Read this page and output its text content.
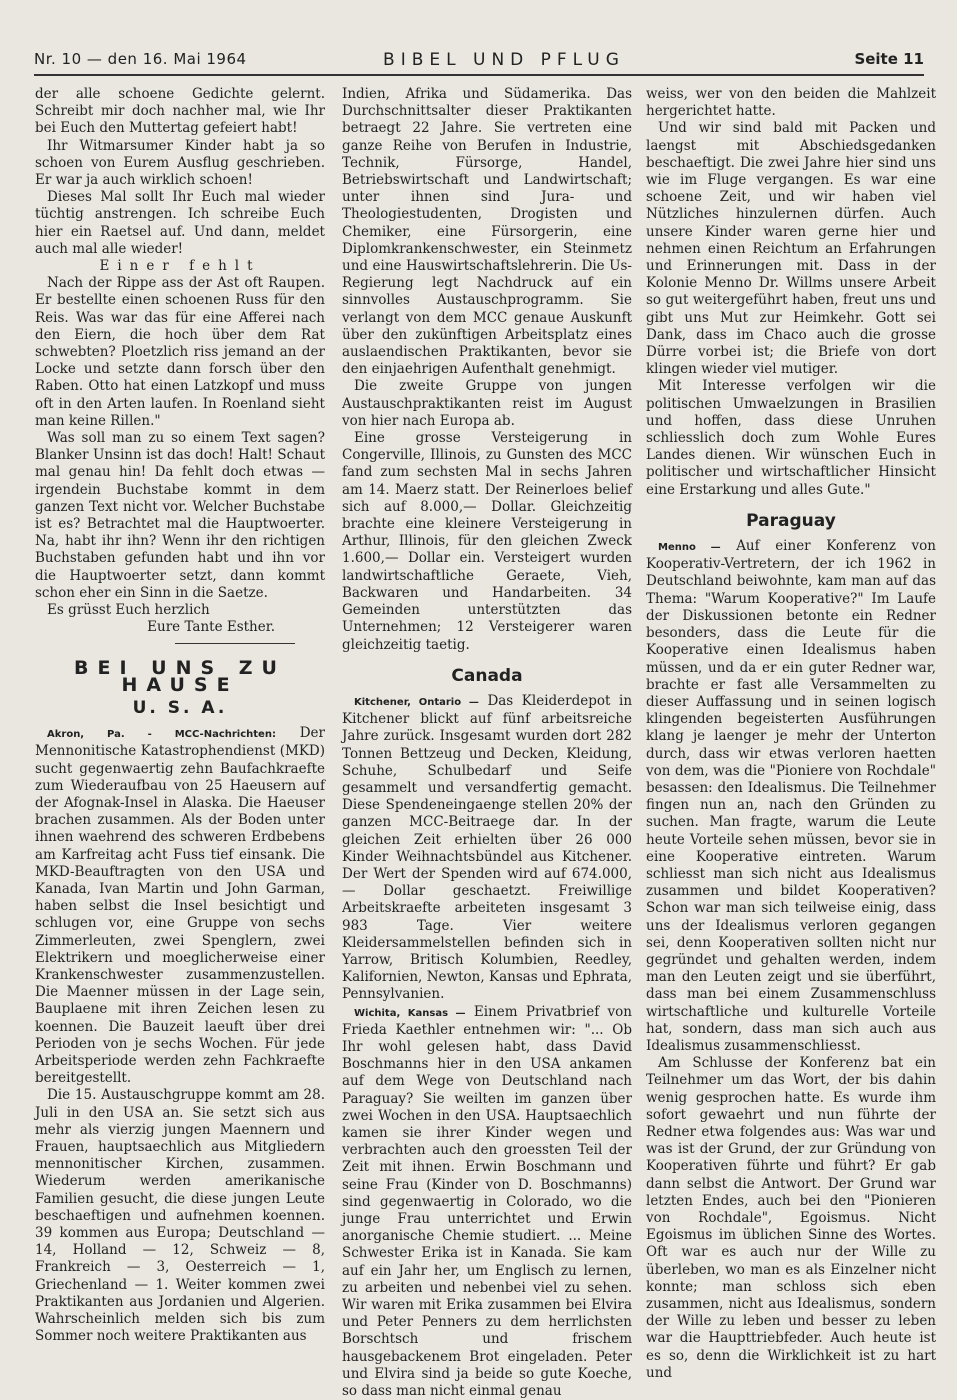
Nr. 10 — den 16. Mai 1964	BIBEL UND PFLUG	Seite 11

der alle schoene Gedichte gelernt. Schreibt mir doch nachher mal, wie Ihr bei Euch den Muttertag gefeiert habt!

Ihr Witmarsumer Kinder habt ja so schoen von Eurem Ausflug geschrieben. Er war ja auch wirklich schoen!

Dieses Mal sollt Ihr Euch mal wieder tüchtig anstrengen. Ich schreibe Euch hier ein Raetsel auf. Und dann, meldet auch mal alle wieder!

Einer fehlt

Nach der Rippe ass der Ast oft Raupen. Er bestellte einen schoenen Russ für den Reis. Was war das für eine Afferei nach den Eiern, die hoch über dem Rat schwebten? Ploetzlich riss jemand an der Locke und setzte dann forsch über den Raben. Otto hat einen Latzkopf und muss oft in den Arten laufen. In Roenland sieht man keine Rillen."

Was soll man zu so einem Text sagen? Blanker Unsinn ist das doch! Halt! Schaut mal genau hin! Da fehlt doch etwas — irgendein Buchstabe kommt in dem ganzen Text nicht vor. Welcher Buchstabe ist es? Betrachtet mal die Hauptwoerter. Na, habt ihr ihn? Wenn ihr den richtigen Buchstaben gefunden habt und ihn vor die Hauptwoerter setzt, dann kommt schon eher ein Sinn in die Saetze.

Es grüsst Euch herzlich

Eure Tante Esther.

BEI UNS ZU HAUSE
U. S. A.

Akron, Pa. - MCC-Nachrichten: Der Mennonitische Katastrophendienst (MKD) sucht gegenwaertig zehn Baufachkraefte zum Wiederaufbau von 25 Haeusern auf der Afognak-Insel in Alaska. Die Haeuser brachen zusammen. Als der Boden unter ihnen waehrend des schweren Erdbebens am Karfreitag acht Fuss tief einsank. Die MKD-Beauftragten von den USA und Kanada, Ivan Martin und John Garman, haben selbst die Insel besichtigt und schlugen vor, eine Gruppe von sechs Zimmerleuten, zwei Spenglern, zwei Elektrikern und moeglicherweise einer Krankenschwester zusammenzustellen. Die Maenner müssen in der Lage sein, Bauplaene mit ihren Zeichen lesen zu koennen. Die Bauzeit laeuft über drei Perioden von je sechs Wochen. Für jede Arbeitsperiode werden zehn Fachkraefte bereitgestellt.

Die 15. Austauschgruppe kommt am 28. Juli in den USA an. Sie setzt sich aus mehr als vierzig jungen Maennern und Frauen, hauptsaechlich aus Mitgliedern mennonitischer Kirchen, zusammen. Wiederum werden amerikanische Familien gesucht, die diese jungen Leute beschaeftigen und aufnehmen koennen. 39 kommen aus Europa; Deutschland — 14, Holland — 12, Schweiz — 8, Frankreich — 3, Oesterreich — 1, Griechenland — 1. Weiter kommen zwei Praktikanten aus Jordanien und Algerien. Wahrscheinlich melden sich bis zum Sommer noch weitere Praktikanten aus

Indien, Afrika und Südamerika. Das Durchschnittsalter dieser Praktikanten betraegt 22 Jahre. Sie vertreten eine ganze Reihe von Berufen in Industrie, Technik, Fürsorge, Handel, Betriebswirtschaft und Landwirtschaft; unter ihnen sind Jura- und Theologiestudenten, Drogisten und Chemiker, eine Fürsorgerin, eine Diplomkrankenschwester, ein Steinmetz und eine Hauswirtschaftslehrerin. Die Us-Regierung legt Nachdruck auf ein sinnvolles Austauschprogramm. Sie verlangt von dem MCC genaue Auskunft über den zukünftigen Arbeitsplatz eines auslaendischen Praktikanten, bevor sie den einjaehrigen Aufenthalt genehmigt.

Die zweite Gruppe von jungen Austauschpraktikanten reist im August von hier nach Europa ab.

Eine grosse Versteigerung in Congerville, Illinois, zu Gunsten des MCC fand zum sechsten Mal in sechs Jahren am 14. Maerz statt. Der Reinerloes belief sich auf 8.000,— Dollar. Gleichzeitig brachte eine kleinere Versteigerung in Arthur, Illinois, für den gleichen Zweck 1.600,— Dollar ein. Versteigert wurden landwirtschaftliche Geraete, Vieh, Backwaren und Handarbeiten. 34 Gemeinden unterstützten das Unternehmen; 12 Versteigerer waren gleichzeitig taetig.

Canada

Kitchener, Ontario — Das Kleiderdepot in Kitchener blickt auf fünf arbeitsreiche Jahre zurück. Insgesamt wurden dort 282 Tonnen Bettzeug und Decken, Kleidung, Schuhe, Schulbedarf und Seife gesammelt und versandfertig gemacht. Diese Spendeneingaenge stellen 20% der ganzen MCC-Beitraege dar. In der gleichen Zeit erhielten über 26 000 Kinder Weihnachtsbündel aus Kitchener. Der Wert der Spenden wird auf 674.000,— Dollar geschaetzt. Freiwillige Arbeitskraefte arbeiteten insgesamt 3 983 Tage. Vier weitere Kleidersammelstellen befinden sich in Yarrow, Britisch Kolumbien, Reedley, Kalifornien, Newton, Kansas und Ephrata, Pennsylvanien.

Wichita, Kansas — Einem Privatbrief von Frieda Kaethler entnehmen wir: "... Ob Ihr wohl gelesen habt, dass David Boschmanns hier in den USA ankamen auf dem Wege von Deutschland nach Paraguay? Sie weilten im ganzen über zwei Wochen in den USA. Hauptsaechlich kamen sie ihrer Kinder wegen und verbrachten auch den groessten Teil der Zeit mit ihnen. Erwin Boschmann und seine Frau (Kinder von D. Boschmanns) sind gegenwaertig in Colorado, wo die junge Frau unterrichtet und Erwin anorganische Chemie studiert. ... Meine Schwester Erika ist in Kanada. Sie kam auf ein Jahr her, um Englisch zu lernen, zu arbeiten und nebenbei viel zu sehen. Wir waren mit Erika zusammen bei Elvira und Peter Penners zu dem herrlichsten Borschtsch und frischem hausgebackenem Brot eingeladen. Peter und Elvira sind ja beide so gute Koeche, so dass man nicht einmal genau

weiss, wer von den beiden die Mahlzeit hergerichtet hatte.

Und wir sind bald mit Packen und laengst mit Abschiedsgedanken beschaeftigt. Die zwei Jahre hier sind uns wie im Fluge vergangen. Es war eine schoene Zeit, und wir haben viel Nützliches hinzulernen dürfen. Auch unsere Kinder waren gerne hier und nehmen einen Reichtum an Erfahrungen und Erinnerungen mit. Dass in der Kolonie Menno Dr. Willms unsere Arbeit so gut weitergeführt haben, freut uns und gibt uns Mut zur Heimkehr. Gott sei Dank, dass im Chaco auch die grosse Dürre vorbei ist; die Briefe von dort klingen wieder viel mutiger.

Mit Interesse verfolgen wir die politischen Umwaelzungen in Brasilien und hoffen, dass diese Unruhen schliesslich doch zum Wohle Eures Landes dienen. Wir wünschen Euch in politischer und wirtschaftlicher Hinsicht eine Erstarkung und alles Gute."

Paraguay

Menno — Auf einer Konferenz von Kooperativ-Vertretern, der ich 1962 in Deutschland beiwohnte, kam man auf das Thema: "Warum Kooperative?" Im Laufe der Diskussionen betonte ein Redner besonders, dass die Leute für die Kooperative einen Idealismus haben müssen, und da er ein guter Redner war, brachte er fast alle Versammelten zu dieser Auffassung und in seinen logisch klingenden begeisterten Ausführungen klang je laenger je mehr der Unterton durch, dass wir etwas verloren haetten von dem, was die "Pioniere von Rochdale" besassen: den Idealismus. Die Teilnehmer fingen nun an, nach den Gründen zu suchen. Man fragte, warum die Leute heute Vorteile sehen müssen, bevor sie in eine Kooperative eintreten. Warum schliesst man sich nicht aus Idealismus zusammen und bildet Kooperativen? Schon war man sich teilweise einig, dass uns der Idealismus verloren gegangen sei, denn Kooperativen sollten nicht nur gegründet und gehalten werden, indem man den Leuten zeigt und sie überführt, dass man bei einem Zusammenschluss wirtschaftliche und kulturelle Vorteile hat, sondern, dass man sich auch aus Idealismus zusammenschliesst.

Am Schlusse der Konferenz bat ein Teilnehmer um das Wort, der bis dahin wenig gesprochen hatte. Es wurde ihm sofort gewaehrt und nun führte der Redner etwa folgendes aus: Was war und was ist der Grund, der zur Gründung von Kooperativen führte und führt? Er gab dann selbst die Antwort. Der Grund war letzten Endes, auch bei den "Pionieren von Rochdale", Egoismus. Nicht Egoismus im üblichen Sinne des Wortes. Oft war es auch nur der Wille zu überleben, wo man es als Einzelner nicht konnte; man schloss sich eben zusammen, nicht aus Idealismus, sondern der Wille zu leben und besser zu leben war die Haupttriebfeder. Auch heute ist es so, denn die Wirklichkeit ist zu hart und
